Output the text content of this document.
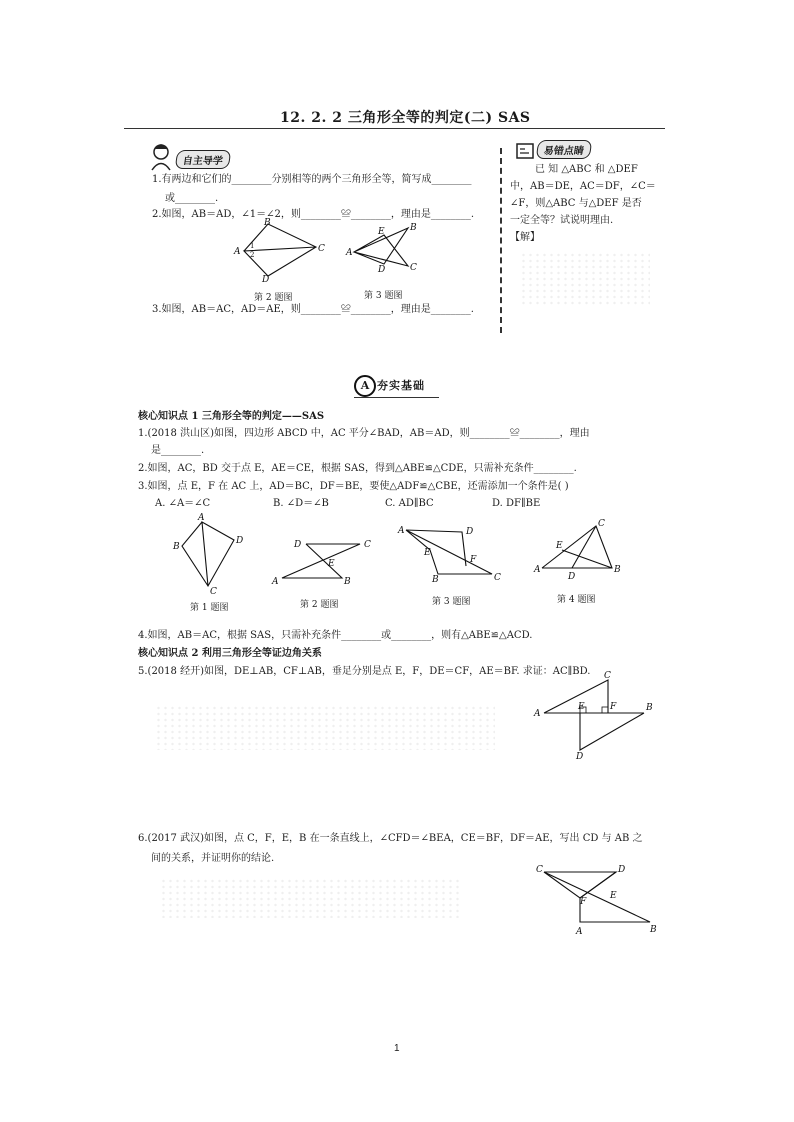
12. 2. 2 三角形全等的判定(二) SAS
自主导学
1.有两边和它们的________分别相等的两个三角形全等，简写成________
或________.
2.如图，AB＝AD，∠1＝∠2，则________≌________，理由是________.
B
A	C
D
1
2
第 2 题图
A
B
C
E
D
第 3 题图
3.如图，AB＝AC，AD＝AE，则________≌________，理由是________.
易错点睛
已 知 △ABC 和 △DEF
中，AB＝DE，AC＝DF，∠C＝
∠F，则△ABC 与△DEF 是否
一定全等？试说明理由.
【解】
A 夯实基础
核心知识点 1 三角形全等的判定——SAS
1.(2018 洪山区)如图，四边形 ABCD 中，AC 平分∠BAD，AB＝AD，则________≌________，理由
是________.
2.如图，AC，BD 交于点 E，AE＝CE，根据 SAS，得到△ABE≌△CDE，只需补充条件________.
3.如图，点 E，F 在 AC 上，AD＝BC，DF＝BE，要使△ADF≌△CBE，还需添加一个条件是( )
A. ∠A＝∠C	B. ∠D＝∠B	C. AD∥BC	D. DF∥BE
A
B
D
C
第 1 题图
D	C
A	B
E
第 2 题图
A	D
E
F
B	C
第 3 题图
A
C
B
E
D
第 4 题图
4.如图，AB＝AC，根据 SAS，只需补充条件________或________，则有△ABE≌△ACD.
核心知识点 2 利用三角形全等证边角关系
5.(2018 经开)如图，DE⊥AB，CF⊥AB，垂足分别是点 E，F，DE＝CF，AE＝BF. 求证：AC∥BD.
A
C
E	F	B
D
6.(2017 武汉)如图，点 C，F，E，B 在一条直线上，∠CFD＝∠BEA，CE＝BF，DF＝AE，写出 CD 与 AB 之
间的关系，并证明你的结论.
C	D
F
E
A	B
1
